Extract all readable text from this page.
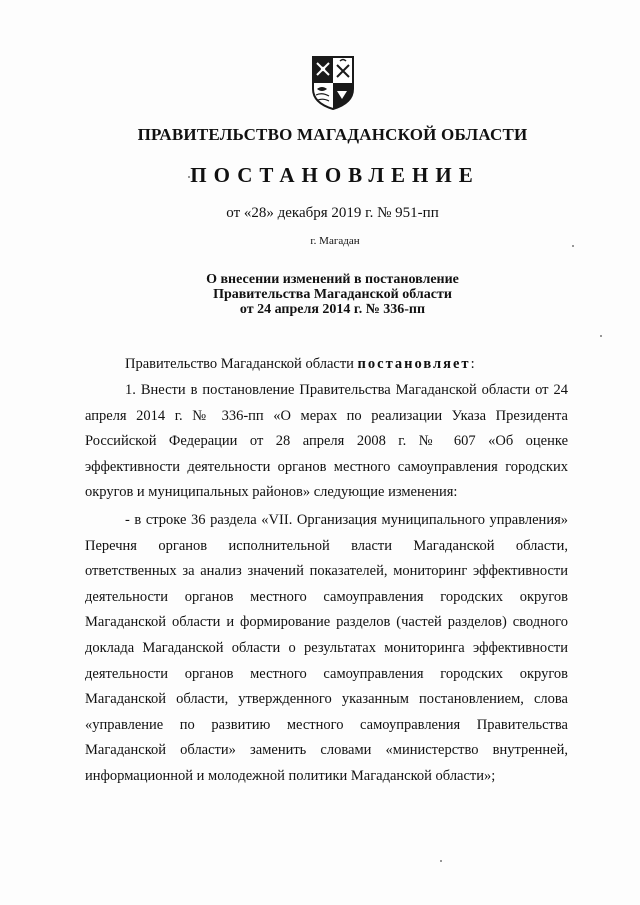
ПРАВИТЕЛЬСТВО МАГАДАНСКОЙ ОБЛАСТИ
ПОСТАНОВЛЕНИЕ
от «28» декабря 2019 г. № 951-пп
г. Магадан
О внесении изменений в постановление
Правительства Магаданской области
от 24 апреля 2014 г. № 336-пп
Правительство Магаданской области постановляет:
1. Внести в постановление Правительства Магаданской области от 24 апреля 2014 г. № 336-пп «О мерах по реализации Указа Президента Российской Федерации от 28 апреля 2008 г. № 607 «Об оценке эффективности деятельности органов местного самоуправления городских округов и муниципальных районов» следующие изменения:
- в строке 36 раздела «VII. Организация муниципального управления» Перечня органов исполнительной власти Магаданской области, ответственных за анализ значений показателей, мониторинг эффективности деятельности органов местного самоуправления городских округов Магаданской области и формирование разделов (частей разделов) сводного доклада Магаданской области о результатах мониторинга эффективности деятельности органов местного самоуправления городских округов Магаданской области, утвержденного указанным постановлением, слова «управление по развитию местного самоуправления Правительства Магаданской области» заменить словами «министерство внутренней, информационной и молодежной политики Магаданской области»;
